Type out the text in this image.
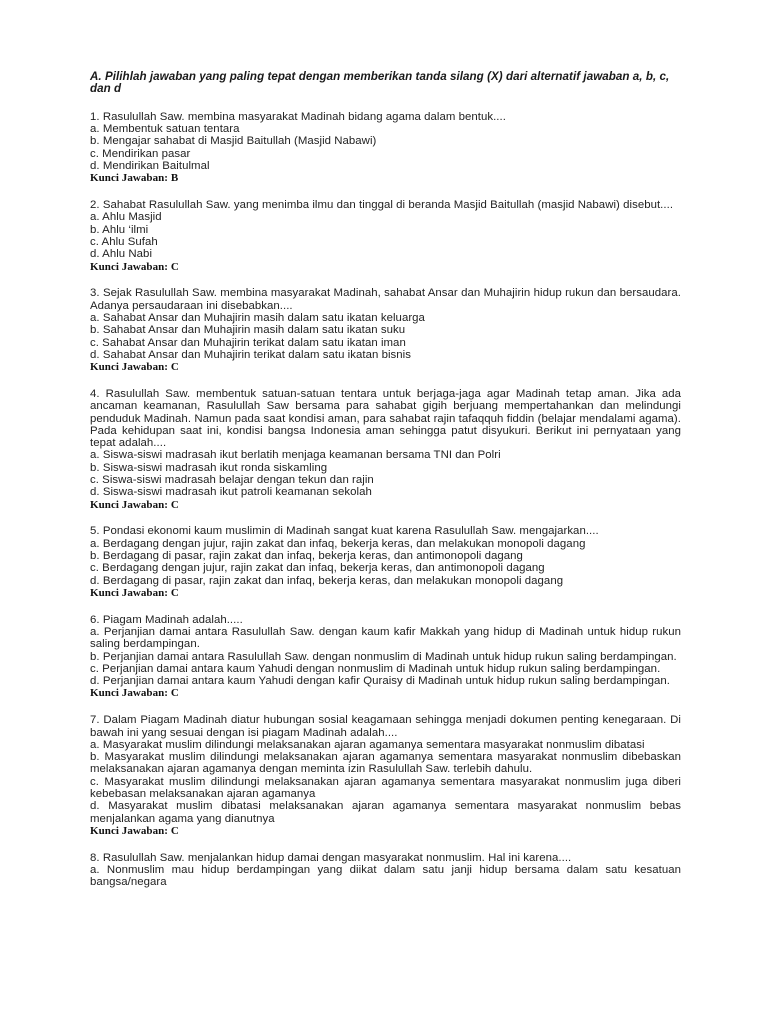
A. Pilihlah jawaban yang paling tepat dengan memberikan tanda silang (X) dari alternatif jawaban a, b, c, dan d
1. Rasulullah Saw. membina masyarakat Madinah bidang agama dalam bentuk....
a. Membentuk satuan tentara
b. Mengajar sahabat di Masjid Baitullah (Masjid Nabawi)
c. Mendirikan pasar
d. Mendirikan Baitulmal
Kunci Jawaban: B
2. Sahabat Rasulullah Saw. yang menimba ilmu dan tinggal di beranda Masjid Baitullah (masjid Nabawi) disebut....
a. Ahlu Masjid
b. Ahlu ‘ilmi
c. Ahlu Sufah
d. Ahlu Nabi
Kunci Jawaban: C
3. Sejak Rasulullah Saw. membina masyarakat Madinah, sahabat Ansar dan Muhajirin hidup rukun dan bersaudara. Adanya persaudaraan ini disebabkan....
a. Sahabat Ansar dan Muhajirin masih dalam satu ikatan keluarga
b. Sahabat Ansar dan Muhajirin masih dalam satu ikatan suku
c. Sahabat Ansar dan Muhajirin terikat dalam satu ikatan iman
d. Sahabat Ansar dan Muhajirin terikat dalam satu ikatan bisnis
Kunci Jawaban: C
4. Rasulullah Saw. membentuk satuan-satuan tentara untuk berjaga-jaga agar Madinah tetap aman. Jika ada ancaman keamanan, Rasulullah Saw bersama para sahabat gigih berjuang mempertahankan dan melindungi penduduk Madinah. Namun pada saat kondisi aman, para sahabat rajin tafaqquh fiddin (belajar mendalami agama). Pada kehidupan saat ini, kondisi bangsa Indonesia aman sehingga patut disyukuri. Berikut ini pernyataan yang tepat adalah....
a. Siswa-siswi madrasah ikut berlatih menjaga keamanan bersama TNI dan Polri
b. Siswa-siswi madrasah ikut ronda siskamling
c. Siswa-siswi madrasah belajar dengan tekun dan rajin
d. Siswa-siswi madrasah ikut patroli keamanan sekolah
Kunci Jawaban: C
5. Pondasi ekonomi kaum muslimin di Madinah sangat kuat karena Rasulullah Saw. mengajarkan....
a. Berdagang dengan jujur, rajin zakat dan infaq, bekerja keras, dan melakukan monopoli dagang
b. Berdagang di pasar, rajin zakat dan infaq, bekerja keras, dan antimonopoli dagang
c. Berdagang dengan jujur, rajin zakat dan infaq, bekerja keras, dan antimonopoli dagang
d. Berdagang di pasar, rajin zakat dan infaq, bekerja keras, dan melakukan monopoli dagang
Kunci Jawaban: C
6. Piagam Madinah adalah.....
a. Perjanjian damai antara Rasulullah Saw. dengan kaum kafir Makkah yang hidup di Madinah untuk hidup rukun saling berdampingan.
b. Perjanjian damai antara Rasulullah Saw. dengan nonmuslim di Madinah untuk hidup rukun saling berdampingan.
c. Perjanjian damai antara kaum Yahudi dengan nonmuslim di Madinah untuk hidup rukun saling berdampingan.
d. Perjanjian damai antara kaum Yahudi dengan kafir Quraisy di Madinah untuk hidup rukun saling berdampingan.
Kunci Jawaban: C
7. Dalam Piagam Madinah diatur hubungan sosial keagamaan sehingga menjadi dokumen penting kenegaraan. Di bawah ini yang sesuai dengan isi piagam Madinah adalah....
a. Masyarakat muslim dilindungi melaksanakan ajaran agamanya sementara masyarakat nonmuslim dibatasi
b. Masyarakat muslim dilindungi melaksanakan ajaran agamanya sementara masyarakat nonmuslim dibebaskan melaksanakan ajaran agamanya dengan meminta izin Rasulullah Saw. terlebih dahulu.
c. Masyarakat muslim dilindungi melaksanakan ajaran agamanya sementara masyarakat nonmuslim juga diberi kebebasan melaksanakan ajaran agamanya
d. Masyarakat muslim dibatasi melaksanakan ajaran agamanya sementara masyarakat nonmuslim bebas menjalankan agama yang dianutnya
Kunci Jawaban: C
8. Rasulullah Saw. menjalankan hidup damai dengan masyarakat nonmuslim. Hal ini karena....
a. Nonmuslim mau hidup berdampingan yang diikat dalam satu janji hidup bersama dalam satu kesatuan bangsa/negara
